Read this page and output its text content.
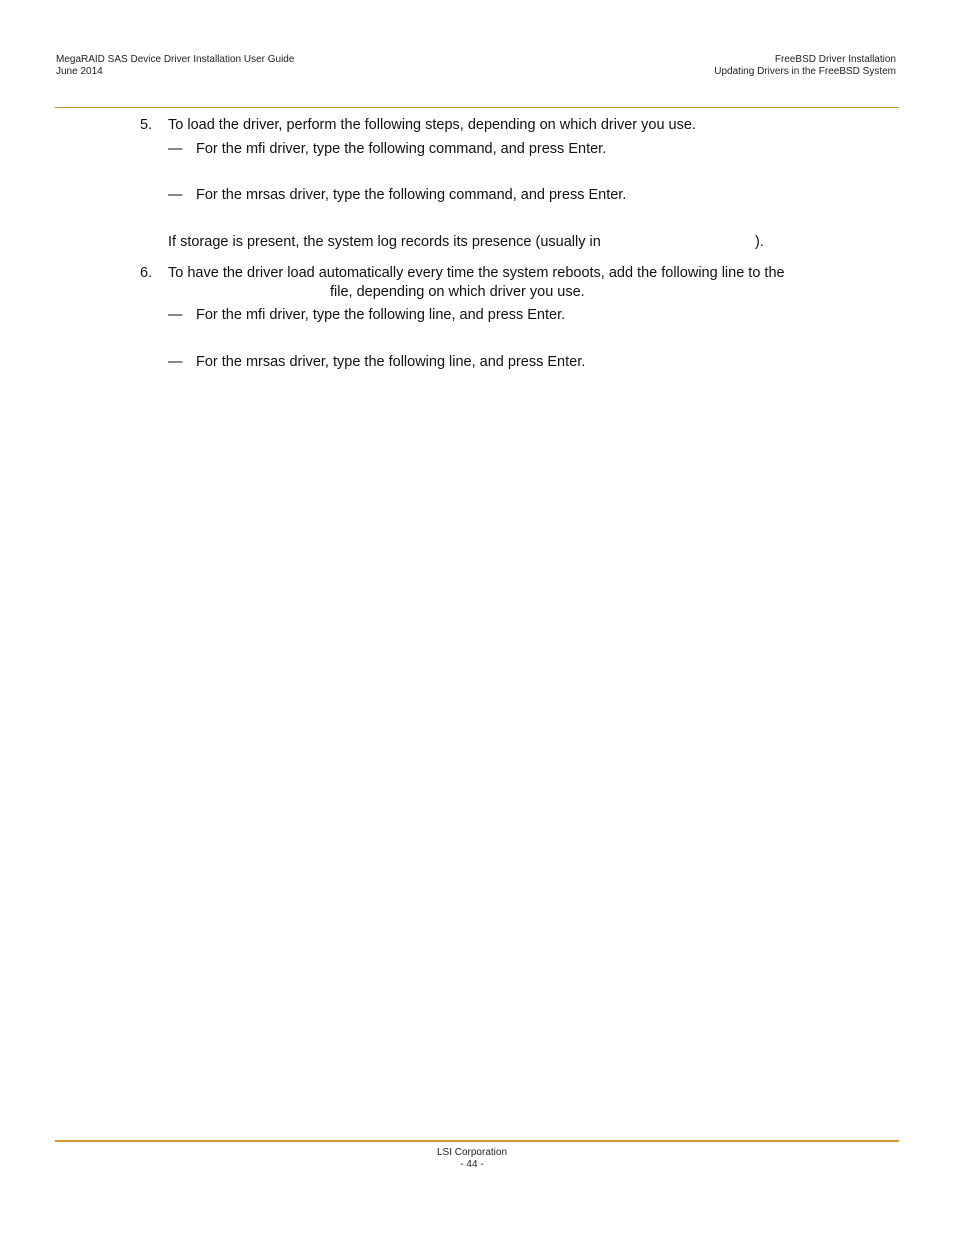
MegaRAID SAS Device Driver Installation User Guide
June 2014
FreeBSD Driver Installation
Updating Drivers in the FreeBSD System
5. To load the driver, perform the following steps, depending on which driver you use.
— For the mfi driver, type the following command, and press Enter.
— For the mrsas driver, type the following command, and press Enter.
If storage is present, the system log records its presence (usually in	).
6. To have the driver load automatically every time the system reboots, add the following line to the
file, depending on which driver you use.
— For the mfi driver, type the following line, and press Enter.
— For the mrsas driver, type the following line, and press Enter.
LSI Corporation
- 44 -
